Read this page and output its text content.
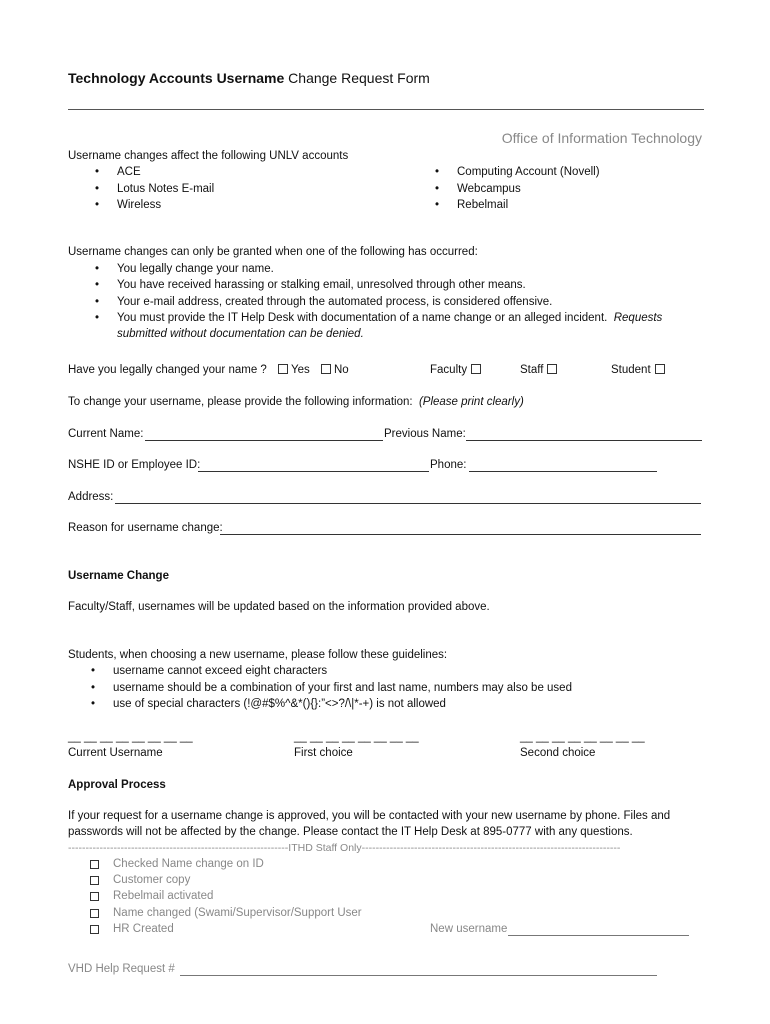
Technology Accounts Username Change Request Form
Office of Information Technology
Username changes affect the following UNLV accounts
• ACE
• Lotus Notes E-mail
• Wireless
• Computing Account (Novell)
• Webcampus
• Rebelmail
Username changes can only be granted when one of the following has occurred:
• You legally change your name.
• You have received harassing or stalking email, unresolved through other means.
• Your e-mail address, created through the automated process, is considered offensive.
• You must provide the IT Help Desk with documentation of a name change or an alleged incident. Requests
submitted without documentation can be denied.
Have you legally changed your name ? Yes No	Faculty	Staff	Student
To change your username, please provide the following information: (Please print clearly)
Current Name:	Previous Name:
NSHE ID or Employee ID:	Phone:
Address:
Reason for username change:
Username Change
Faculty/Staff, usernames will be updated based on the information provided above.
Students, when choosing a new username, please follow these guidelines:
• username cannot exceed eight characters
• username should be a combination of your first and last name, numbers may also be used
• use of special characters (!@#$%^&*(){}:”<>?/\|*-+) is not allowed
__ __ __ __ __ __ __ __	__ __ __ __ __ __ __ __	__ __ __ __ __ __ __ __
Current Username	First choice	Second choice
Approval Process
If your request for a username change is approved, you will be contacted with your new username by phone. Files and
passwords will not be affected by the change. Please contact the IT Help Desk at 895-0777 with any questions.
---------------------------------------------------------------ITHD Staff Only--------------------------------------------------------------------------
Checked Name change on ID
Customer copy
Rebelmail activated
Name changed (Swami/Supervisor/Support User
HR Created	New username
VHD Help Request #
